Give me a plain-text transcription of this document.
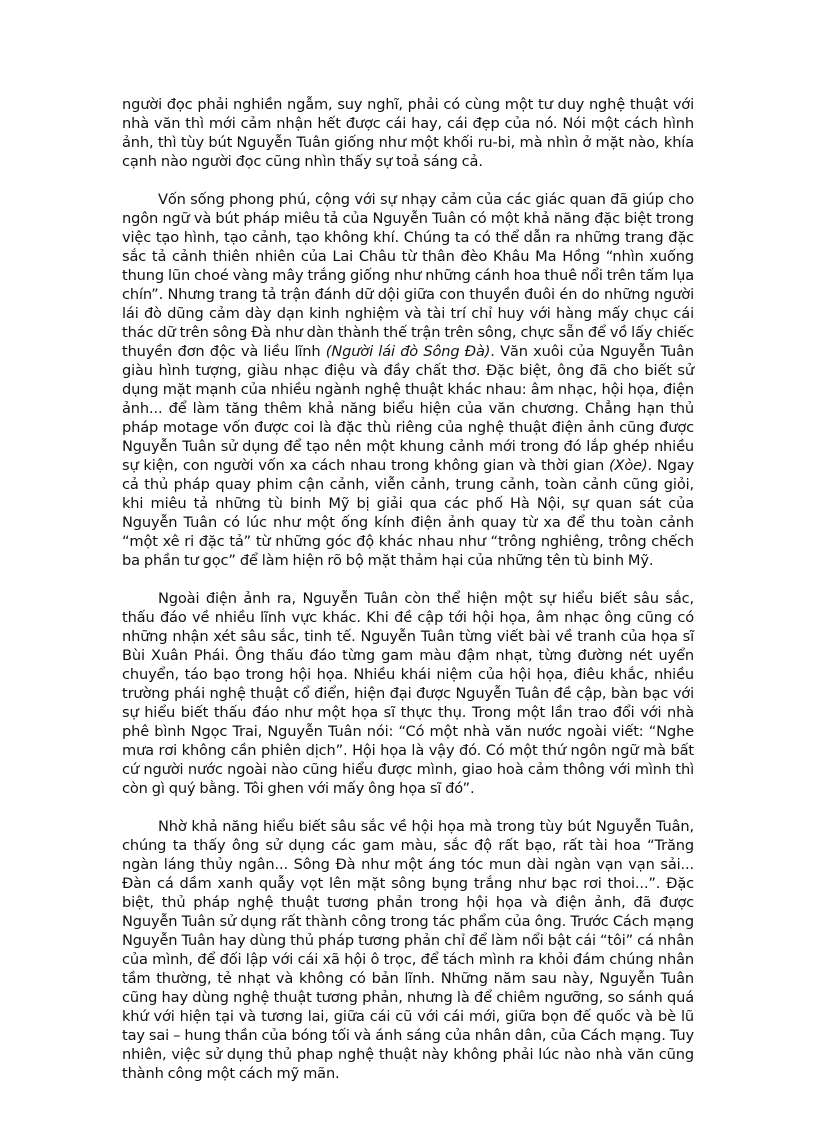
người đọc phải nghiền ngẫm, suy nghĩ, phải có cùng một tư duy nghệ thuật với nhà văn thì mới cảm nhận hết được cái hay, cái đẹp của nó. Nói một cách hình ảnh, thì tùy bút Nguyễn Tuân giống như một khối ru-bi, mà nhìn ở mặt nào, khía cạnh nào người đọc cũng nhìn thấy sự toả sáng cả.

Vốn sống phong phú, cộng với sự nhạy cảm của các giác quan đã giúp cho ngôn ngữ và bút pháp miêu tả của Nguyễn Tuân có một khả năng đặc biệt trong việc tạo hình, tạo cảnh, tạo không khí. Chúng ta có thể dẫn ra những trang đặc sắc tả cảnh thiên nhiên của Lai Châu từ thân đèo Khâu Ma Hồng “nhìn xuống thung lũn choé vàng mây trắng giống như những cánh hoa thuê nổi trên tấm lụa chín”. Nhưng trang tả trận đánh dữ dội giữa con thuyền đuôi én do những người lái đò dũng cảm dày dạn kinh nghiệm và tài trí chỉ huy với hàng mấy chục cái thác dữ trên sông Đà như dàn thành thế trận trên sông, chực sẵn để vồ lấy chiếc thuyền đơn độc và liều lĩnh (Người lái đò Sông Đà). Văn xuôi của Nguyễn Tuân giàu hình tượng, giàu nhạc điệu và đầy chất thơ. Đặc biệt, ông đã cho biết sử dụng mặt mạnh của nhiều ngành nghệ thuật khác nhau: âm nhạc, hội họa, điện ảnh... để làm tăng thêm khả năng biểu hiện của văn chương. Chẳng hạn thủ pháp motage vốn được coi là đặc thù riêng của nghệ thuật điện ảnh cũng được Nguyễn Tuân sử dụng để tạo nên một khung cảnh mới trong đó lắp ghép nhiều sự kiện, con người vốn xa cách nhau trong không gian và thời gian (Xòe). Ngay cả thủ pháp quay phim cận cảnh, viễn cảnh, trung cảnh, toàn cảnh cũng giỏi, khi miêu tả những tù binh Mỹ bị giải qua các phố Hà Nội, sự quan sát của Nguyễn Tuân có lúc như một ống kính điện ảnh quay từ xa để thu toàn cảnh “một xê ri đặc tả” từ những góc độ khác nhau như “trông nghiêng, trông chếch ba phần tư gọc” để làm hiện rõ bộ mặt thảm hại của những tên tù binh Mỹ.

Ngoài điện ảnh ra, Nguyễn Tuân còn thể hiện một sự hiểu biết sâu sắc, thấu đáo về nhiều lĩnh vực khác. Khi đề cập tới hội họa, âm nhạc ông cũng có những nhận xét sâu sắc, tinh tế. Nguyễn Tuân từng viết bài về tranh của họa sĩ Bùi Xuân Phái. Ông thấu đáo từng gam màu đậm nhạt, từng đường nét uyển chuyển, táo bạo trong hội họa. Nhiều khái niệm của hội họa, điêu khắc, nhiều trường phái nghệ thuật cổ điển, hiện đại được Nguyễn Tuân đề cập, bàn bạc với sự hiểu biết thấu đáo như một họa sĩ thực thụ. Trong một lần trao đổi với nhà phê bình Ngọc Trai, Nguyễn Tuân nói: “Có một nhà văn nước ngoài viết: “Nghe mưa rơi không cần phiên dịch”. Hội họa là vậy đó. Có một thứ ngôn ngữ mà bất cứ người nước ngoài nào cũng hiểu được mình, giao hoà cảm thông với mình thì còn gì quý bằng. Tôi ghen với mấy ông họa sĩ đó”.

Nhờ khả năng hiểu biết sâu sắc về hội họa mà trong tùy bút Nguyễn Tuân, chúng ta thấy ông sử dụng các gam màu, sắc độ rất bạo, rất tài hoa “Trăng ngàn láng thủy ngân... Sông Đà như một áng tóc mun dài ngàn vạn vạn sải... Đàn cá dầm xanh quẫy vọt lên mặt sông bụng trắng như bạc rơi thoi...”. Đặc biệt, thủ pháp nghệ thuật tương phản trong hội họa và điện ảnh, đã được Nguyễn Tuân sử dụng rất thành công trong tác phẩm của ông. Trước Cách mạng Nguyễn Tuân hay dùng thủ pháp tương phản chỉ để làm nổi bật cái “tôi” cá nhân của mình, để đối lập với cái xã hội ô trọc, để tách mình ra khỏi đám chúng nhân tầm thường, tẻ nhạt và không có bản lĩnh. Những năm sau này, Nguyễn Tuân cũng hay dùng nghệ thuật tương phản, nhưng là để chiêm ngưỡng, so sánh quá khứ với hiện tại và tương lai, giữa cái cũ với cái mới, giữa bọn đế quốc và bè lũ tay sai – hung thần của bóng tối và ánh sáng của nhân dân, của Cách mạng. Tuy nhiên, việc sử dụng thủ phap nghệ thuật này không phải lúc nào nhà văn cũng thành công một cách mỹ mãn.
